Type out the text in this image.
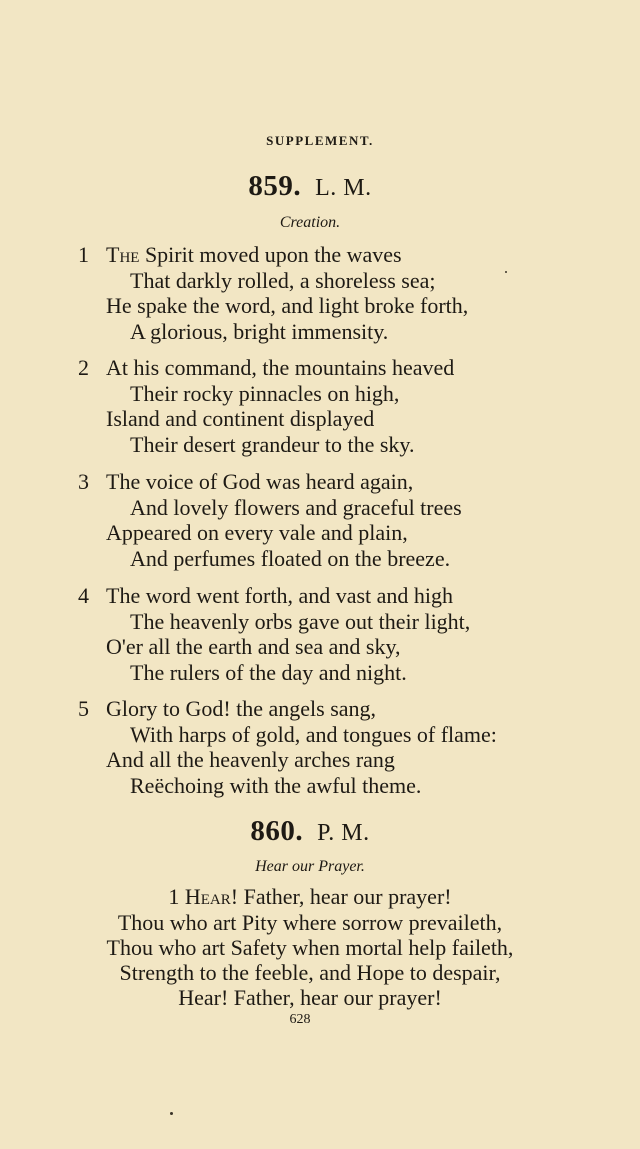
SUPPLEMENT.
859. L. M.
Creation.
1 The Spirit moved upon the waves
That darkly rolled, a shoreless sea;
He spake the word, and light broke forth,
A glorious, bright immensity.
2 At his command, the mountains heaved
Their rocky pinnacles on high,
Island and continent displayed
Their desert grandeur to the sky.
3 The voice of God was heard again,
And lovely flowers and graceful trees
Appeared on every vale and plain,
And perfumes floated on the breeze.
4 The word went forth, and vast and high
The heavenly orbs gave out their light,
O'er all the earth and sea and sky,
The rulers of the day and night.
5 Glory to God! the angels sang,
With harps of gold, and tongues of flame:
And all the heavenly arches rang
Reëchoing with the awful theme.
860. P. M.
Hear our Prayer.
1 Hear! Father, hear our prayer!
Thou who art Pity where sorrow prevaileth,
Thou who art Safety when mortal help faileth,
Strength to the feeble, and Hope to despair,
Hear! Father, hear our prayer!
628
